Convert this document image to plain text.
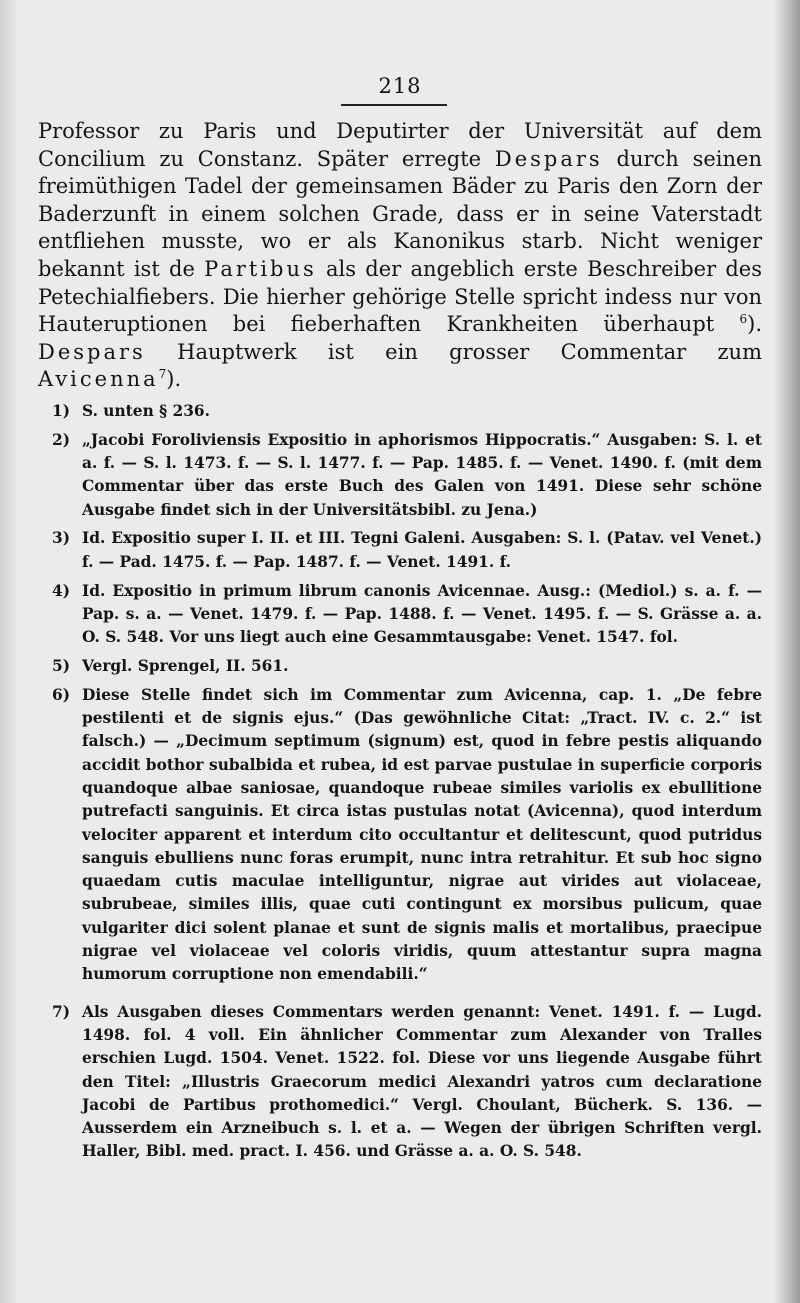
218

Professor zu Paris und Deputirter der Universität auf dem Concilium zu Constanz. Später erregte Despars durch seinen freimüthigen Tadel der gemeinsamen Bäder zu Paris den Zorn der Baderzunft in einem solchen Grade, dass er in seine Vaterstadt entfliehen musste, wo er als Kanonikus starb. Nicht weniger bekannt ist de Partibus als der angeblich erste Beschreiber des Petechialfiebers. Die hierher gehörige Stelle spricht indess nur von Hauteruptionen bei fieberhaften Krankheiten überhaupt $^6$). Despars Hauptwerk ist ein grosser Commentar zum Avicenna$^7$).

1) S. unten § 236.
2) „Jacobi Foroliviensis Expositio in aphorismos Hippocratis.“ Ausgaben: S. l. et a. f. — S. l. 1473. f. — S. l. 1477. f. — Pap. 1485. f. — Venet. 1490. f. (mit dem Commentar über das erste Buch des Galen von 1491. Diese sehr schöne Ausgabe findet sich in der Universitätsbibl. zu Jena.)
3) Id. Expositio super I. II. et III. Tegni Galeni. Ausgaben: S. l. (Patav. vel Venet.) f. — Pad. 1475. f. — Pap. 1487. f. — Venet. 1491. f.
4) Id. Expositio in primum librum canonis Avicennae. Ausg.: (Mediol.) s. a. f. — Pap. s. a. — Venet. 1479. f. — Pap. 1488. f. — Venet. 1495. f. — S. Grässe a. a. O. S. 548. Vor uns liegt auch eine Gesammtausgabe: Venet. 1547. fol.
5) Vergl. Sprengel, II. 561.
6) Diese Stelle findet sich im Commentar zum Avicenna, cap. 1. „De febre pestilenti et de signis ejus.“ (Das gewöhnliche Citat: „Tract. IV. c. 2.“ ist falsch.) — „Decimum septimum (signum) est, quod in febre pestis aliquando accidit bothor subalbida et rubea, id est parvae pustulae in superficie corporis quandoque albae saniosae, quandoque rubeae similes variolis ex ebullitione putrefacti sanguinis. Et circa istas pustulas notat (Avicenna), quod interdum velociter apparent et interdum cito occultantur et delitescunt, quod putridus sanguis ebulliens nunc foras erumpit, nunc intra retrahitur. Et sub hoc signo quaedam cutis maculae intelliguntur, nigrae aut virides aut violaceae, subrubeae, similes illis, quae cuti contingunt ex morsibus pulicum, quae vulgariter dici solent planae et sunt de signis malis et mortalibus, praecipue nigrae vel violaceae vel coloris viridis, quum attestantur supra magna humorum corruptione non emendabili.“
7) Als Ausgaben dieses Commentars werden genannt: Venet. 1491. f. — Lugd. 1498. fol. 4 voll. Ein ähnlicher Commentar zum Alexander von Tralles erschien Lugd. 1504. Venet. 1522. fol. Diese vor uns liegende Ausgabe führt den Titel: „Illustris Graecorum medici Alexandri yatros cum declaratione Jacobi de Partibus prothomedici.“ Vergl. Choulant, Bücherk. S. 136. — Ausserdem ein Arzneibuch s. l. et a. — Wegen der übrigen Schriften vergl. Haller, Bibl. med. pract. I. 456. und Grässe a. a. O. S. 548.
